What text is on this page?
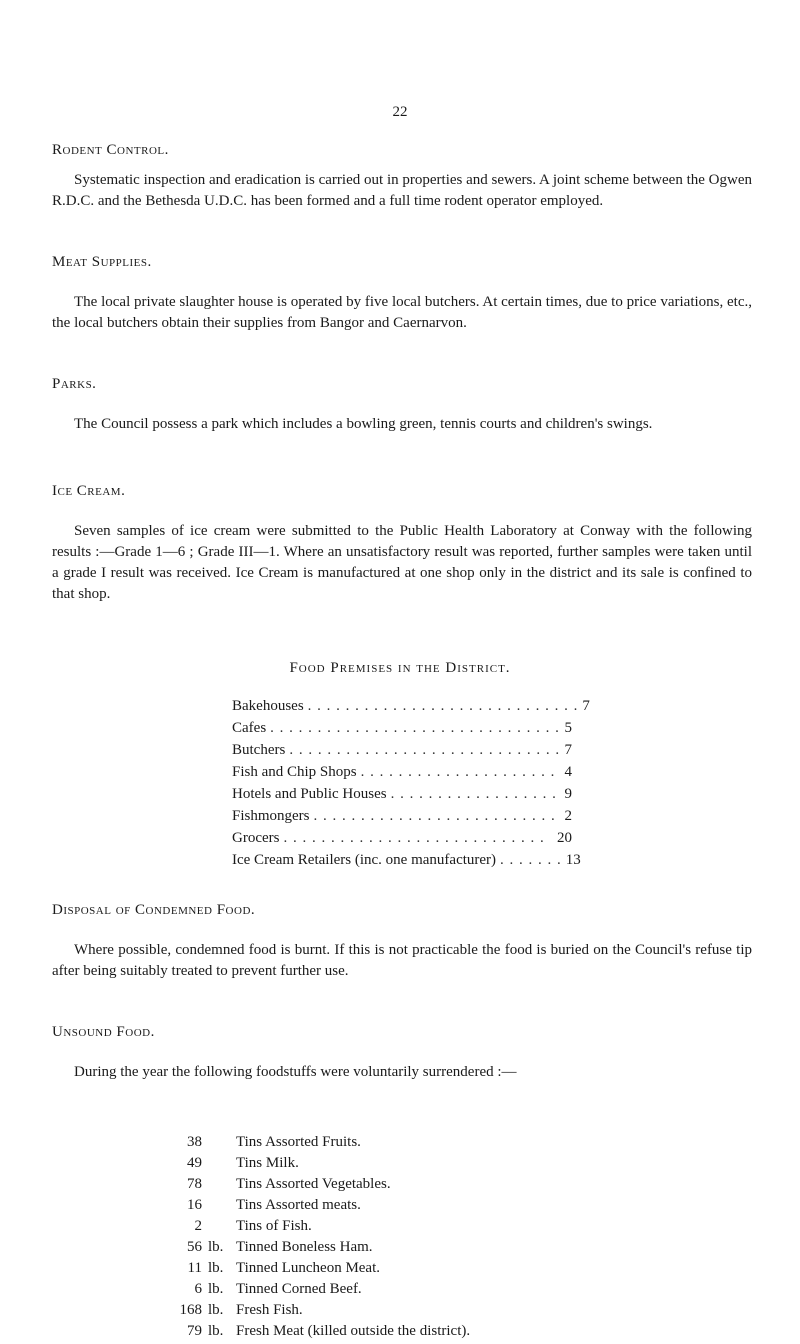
22
Rodent Control.
Systematic inspection and eradication is carried out in properties and sewers. A joint scheme between the Ogwen R.D.C. and the Bethesda U.D.C. has been formed and a full time rodent operator employed.
Meat Supplies.
The local private slaughter house is operated by five local butchers. At certain times, due to price variations, etc., the local butchers obtain their supplies from Bangor and Caernarvon.
Parks.
The Council possess a park which includes a bowling green, tennis courts and children's swings.
Ice Cream.
Seven samples of ice cream were submitted to the Public Health Laboratory at Conway with the following results :—Grade 1—6 ; Grade III—1. Where an unsatisfactory result was reported, further samples were taken until a grade I result was received. Ice Cream is manufactured at one shop only in the district and its sale is confined to that shop.
Food Premises in the District.
Bakehouses . . . . . . . . . . . . . . . . . . . . . . . . . . . . . 7
Cafes . . . . . . . . . . . . . . . . . . . . . . . . . . . . . . . 5
Butchers . . . . . . . . . . . . . . . . . . . . . . . . . . . . . 7
Fish and Chip Shops . . . . . . . . . . . . . . . . . . . . . 4
Hotels and Public Houses . . . . . . . . . . . . . . . . . . 9
Fishmongers . . . . . . . . . . . . . . . . . . . . . . . . . . 2
Grocers . . . . . . . . . . . . . . . . . . . . . . . . . . . . 20
Ice Cream Retailers (inc. one manufacturer) . . . . . . . 13
Disposal of Condemned Food.
Where possible, condemned food is burnt. If this is not practicable the food is buried on the Council's refuse tip after being suitably treated to prevent further use.
Unsound Food.
During the year the following foodstuffs were voluntarily surrendered :—
38	Tins Assorted Fruits.
49	Tins Milk.
78	Tins Assorted Vegetables.
16	Tins Assorted meats.
2	Tins of Fish.
56 lb. Tinned Boneless Ham.
11 lb. Tinned Luncheon Meat.
6 lb. Tinned Corned Beef.
168 lb. Fresh Fish.
79 lb. Fresh Meat (killed outside the district).
